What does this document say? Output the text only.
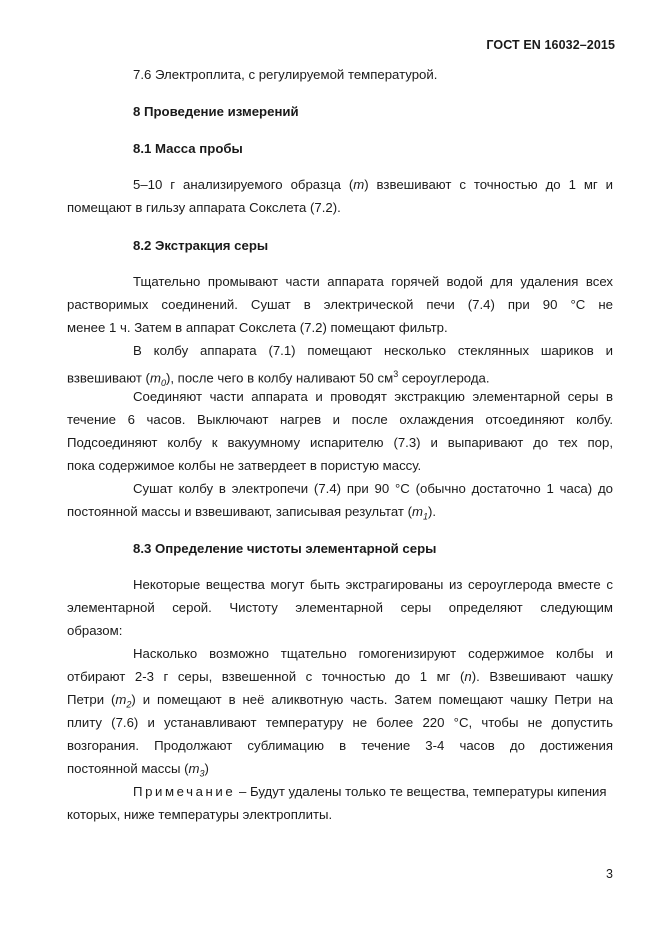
ГОСТ EN 16032–2015
7.6 Электроплита, с регулируемой температурой.
8 Проведение измерений
8.1 Масса пробы
5–10 г анализируемого образца (m) взвешивают с точностью до 1 мг и
помещают в гильзу аппарата Сокслета (7.2).
8.2 Экстракция серы
Тщательно промывают части аппарата горячей водой для удаления всех
растворимых соединений. Сушат в электрической печи (7.4) при 90 °С не
менее 1 ч. Затем в аппарат Сокслета (7.2) помещают фильтр.
В колбу аппарата (7.1) помещают несколько стеклянных шариков и
взвешивают $(m_0)$, после чего в колбу наливают 50 $см^3$ сероуглерода.
Соединяют части аппарата и проводят экстракцию элементарной серы в
течение 6 часов. Выключают нагрев и после охлаждения отсоединяют колбу.
Подсоединяют колбу к вакуумному испарителю (7.3) и выпаривают до тех пор,
пока содержимое колбы не затвердеет в пористую массу.
Сушат колбу в электропечи (7.4) при 90 °С (обычно достаточно 1 часа) до
постоянной массы и взвешивают, записывая результат $(m_1)$.
8.3 Определение чистоты элементарной серы
Некоторые вещества могут быть экстрагированы из сероуглерода вместе с
элементарной серой. Чистоту элементарной серы определяют следующим
образом:
Насколько возможно тщательно гомогенизируют содержимое колбы и
отбирают 2-3 г серы, взвешенной с точностью до 1 мг (n). Взвешивают чашку
Петри $(m_2)$ и помещают в неё аликвотную часть. Затем помещают чашку Петри на
плиту (7.6) и устанавливают температуру не более 220 °С, чтобы не допустить
возгорания. Продолжают сублимацию в течение 3-4 часов до достижения
постоянной массы $(m_3)$
Примечание – Будут удалены только те вещества, температуры кипения
которых, ниже температуры электроплиты.
3
